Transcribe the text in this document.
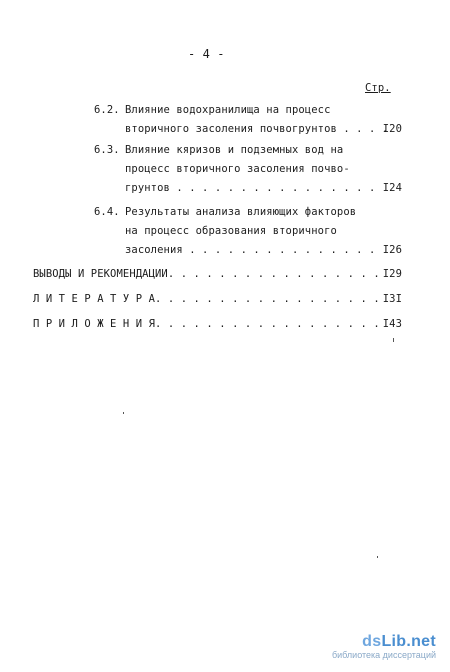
- 4 -
Стр.
6.2. Влияние водохранилища на процесс
вторичного засоления почвогрунтов . . . .
I20
6.3. Влияние кяризов и подземных вод на
процесс вторичного засоления почво-
грунтов . . . . . . . . . . . . . . . . I24
6.4. Результаты анализа влияющих факторов
на процесс образования вторичного
засоления . . . . . . . . . . . . . . . I26
ВЫВОДЫ И РЕКОМЕНДАЦИИ. . . . . . . . . . . . . . . . . I29
Л И Т Е Р А Т У Р А. . . . . . . . . . . . . . . . . . I3I
П Р И Л О Ж Е Н И Я. . . . . . . . . . . . . . . . . . I43
dsLib.net
библиотека диссертаций
